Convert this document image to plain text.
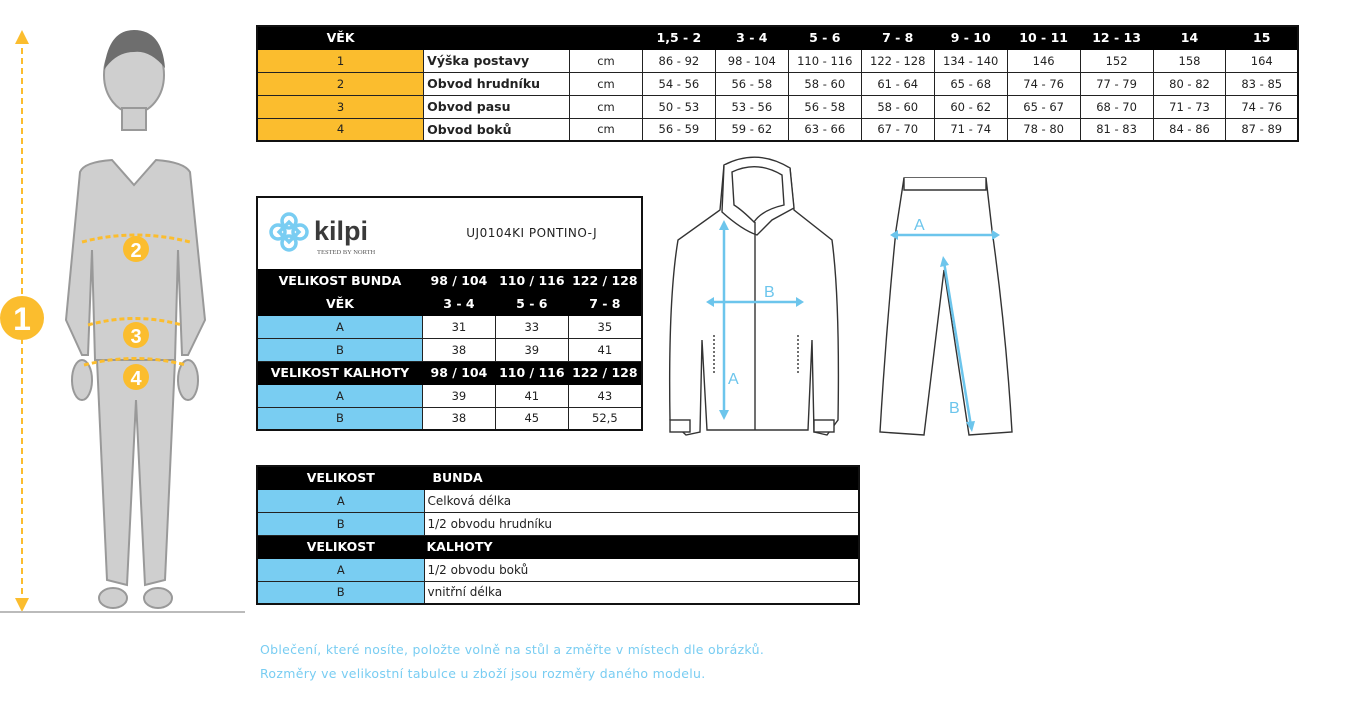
1
2
3
4
VĚK			1,5 - 2	3 - 4	5 - 6	7 - 8	9 - 10	10 - 11	12 - 13	14	15
1	Výška postavy	cm	86 - 92	98 - 104	110 - 116	122 - 128	134 - 140	146	152	158	164
2	Obvod hrudníku	cm	54 - 56	56 - 58	58 - 60	61 - 64	65 - 68	74 - 76	77 - 79	80 - 82	83 - 85
3	Obvod pasu	cm	50 - 53	53 - 56	56 - 58	58 - 60	60 - 62	65 - 67	68 - 70	71 - 73	74 - 76
4	Obvod boků	cm	56 - 59	59 - 62	63 - 66	67 - 70	71 - 74	78 - 80	81 - 83	84 - 86	87 - 89
kilpi
TESTED BY NORTH	UJ0104KI PONTINO-J		
VELIKOST BUNDA	98 / 104	110 / 116	122 / 128
VĚK	3 - 4	5 - 6	7 - 8
A	31	33	35
B	38	39	41
VELIKOST KALHOTY	98 / 104	110 / 116	122 / 128
A	39	41	43
B	38	45	52,5
B
A
A
B
VELIKOST	BUNDA
A	Celková délka
B	1/2 obvodu hrudníku
VELIKOST	KALHOTY
A	1/2 obvodu boků
B	vnitřní délka
Oblečení, které nosíte, položte volně na stůl a změřte v místech dle obrázků.
Rozměry ve velikostní tabulce u zboží jsou rozměry daného modelu.
